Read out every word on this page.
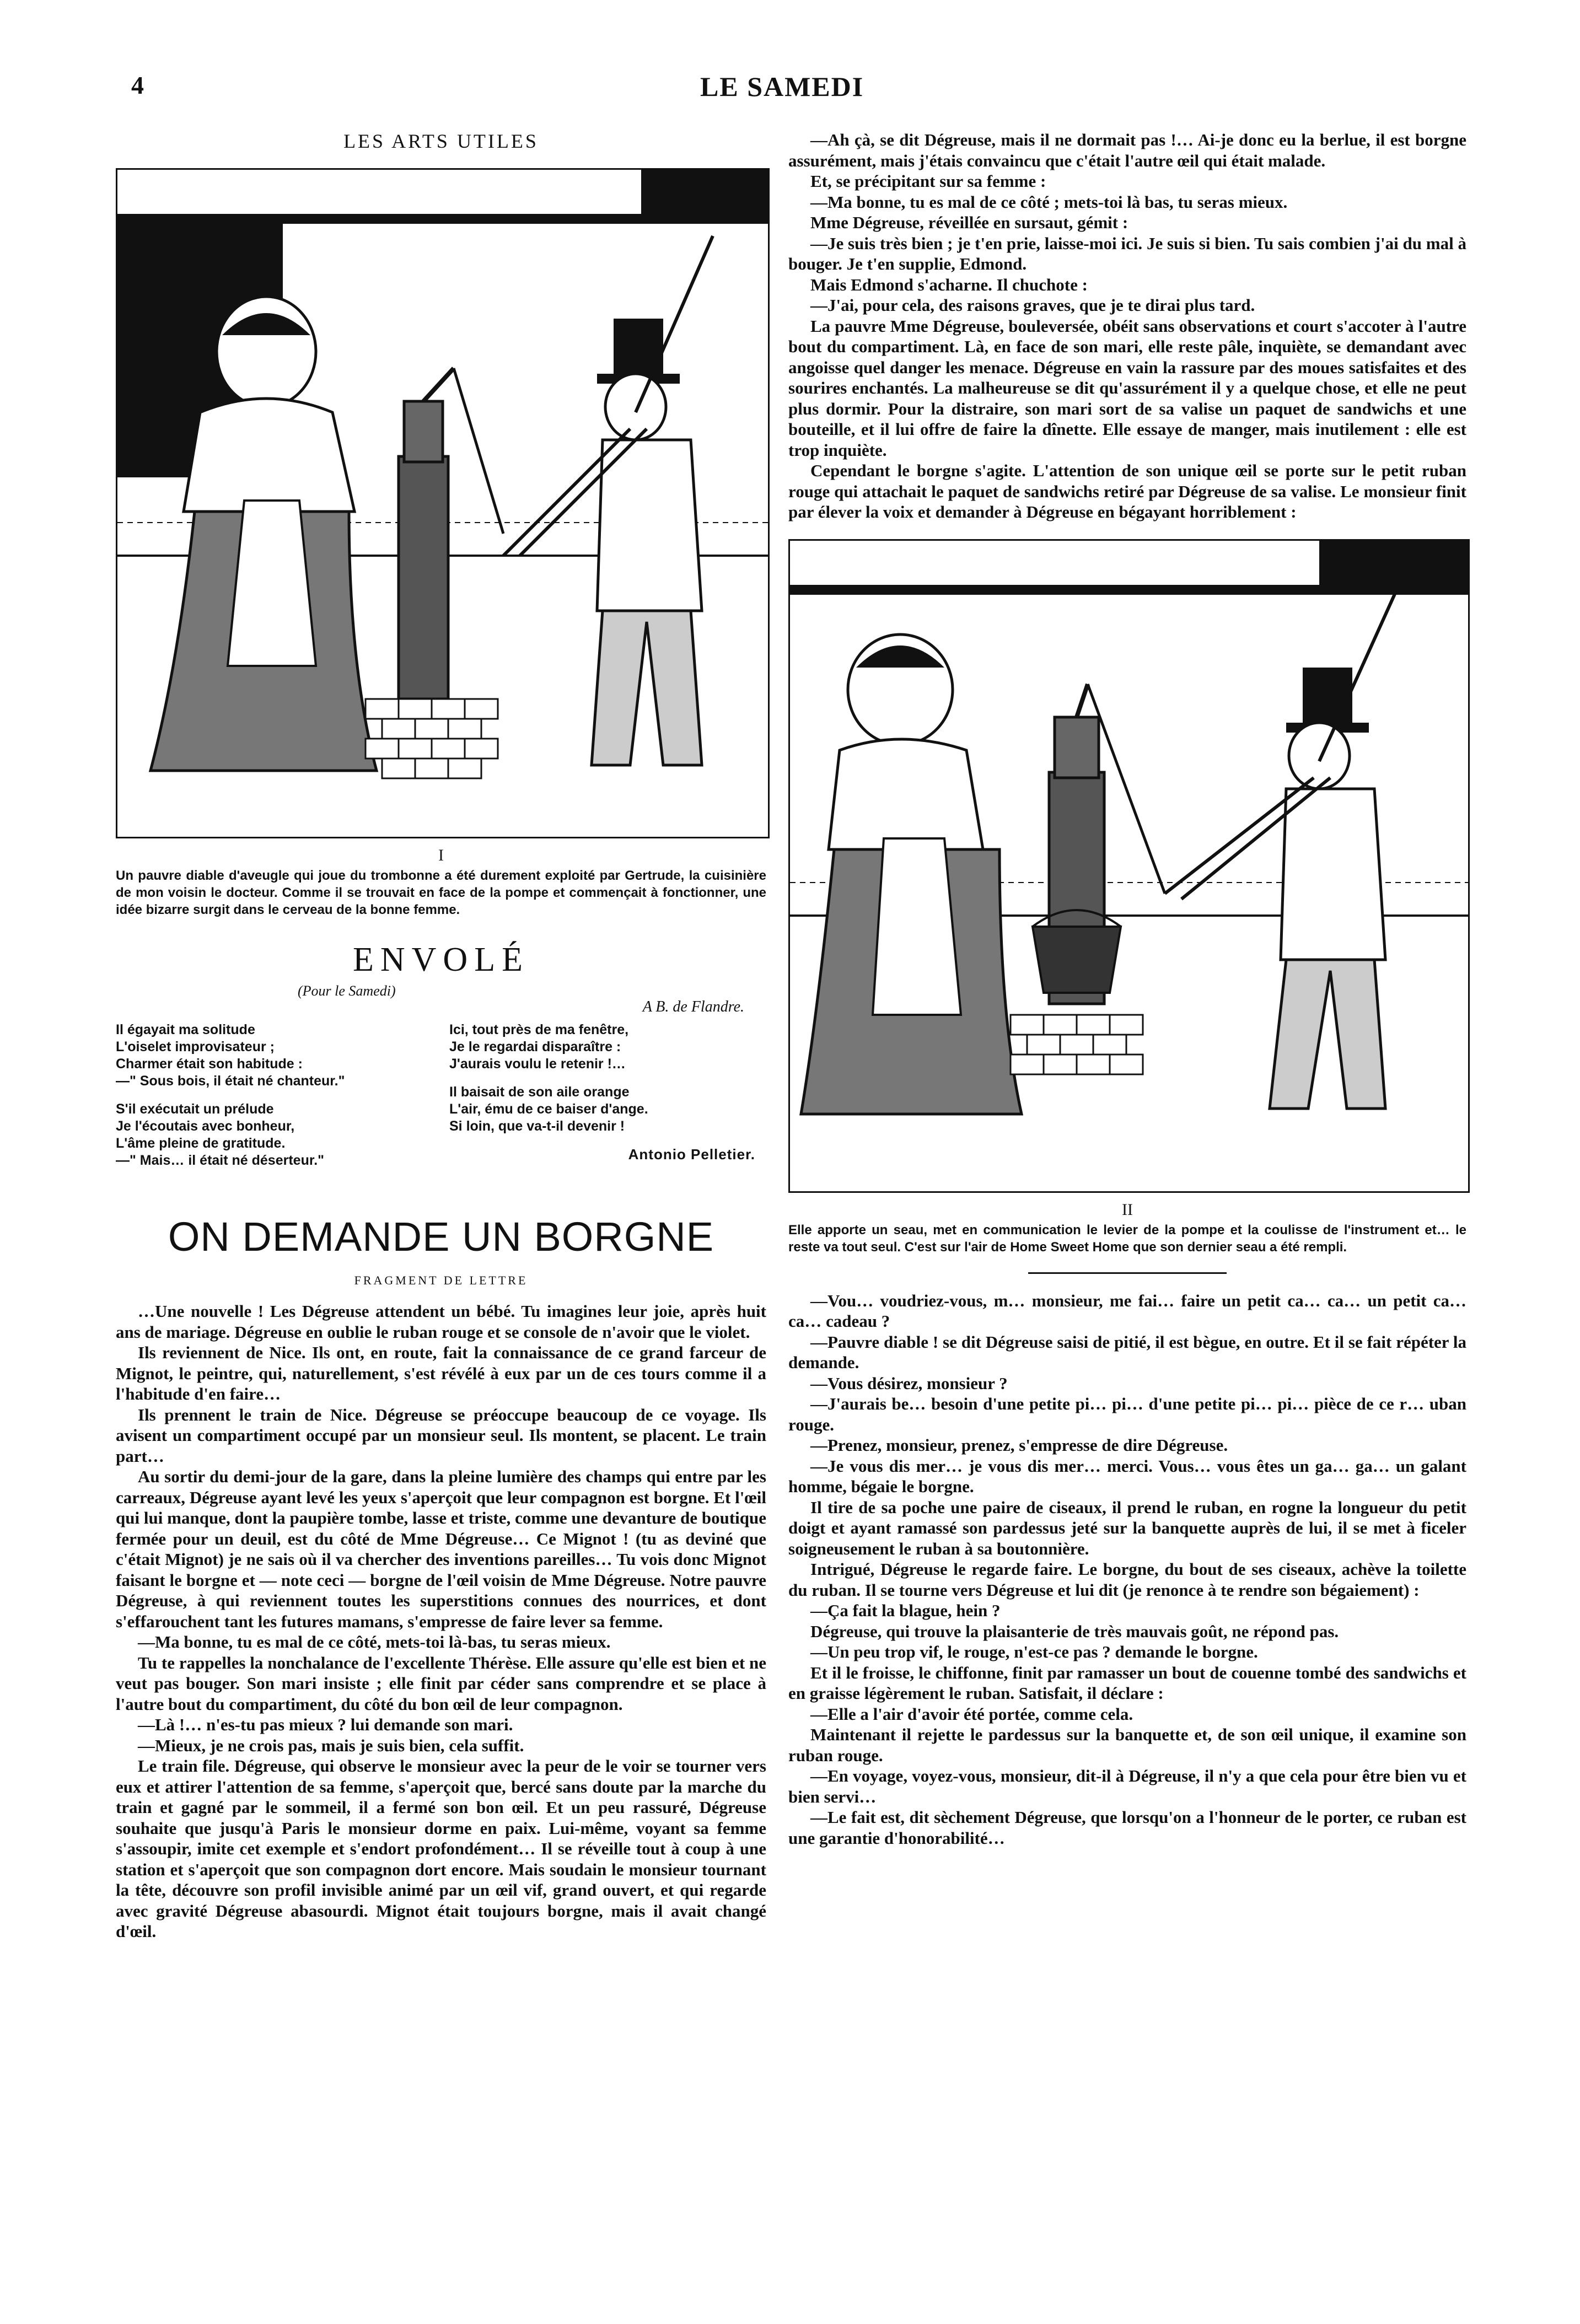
4	LE SAMEDI
LES ARTS UTILES
I
Un pauvre diable d'aveugle qui joue du trombonne a été durement exploité par Gertrude, la cuisinière de mon voisin le docteur. Comme il se trouvait en face de la pompe et commençait à fonctionner, une idée bizarre surgit dans le cerveau de la bonne femme.
ENVOLÉ
(Pour le Samedi)
A B. de Flandre.
Il égayait ma solitude
L'oiselet improvisateur ;
Charmer était son habitude :
—" Sous bois, il était né chanteur."
S'il exécutait un prélude
Je l'écoutais avec bonheur,
L'âme pleine de gratitude.
—" Mais… il était né déserteur."
Ici, tout près de ma fenêtre,
Je le regardai disparaître :
J'aurais voulu le retenir !…
Il baisait de son aile orange
L'air, ému de ce baiser d'ange.
Si loin, que va-t-il devenir !
Antonio Pelletier.
ON DEMANDE UN BORGNE
FRAGMENT DE LETTRE

…Une nouvelle ! Les Dégreuse attendent un bébé. Tu imagines leur joie, après huit ans de mariage. Dégreuse en oublie le ruban rouge et se console de n'avoir que le violet.

Ils reviennent de Nice. Ils ont, en route, fait la connaissance de ce grand farceur de Mignot, le peintre, qui, naturellement, s'est révélé à eux par un de ces tours comme il a l'habitude d'en faire…

Ils prennent le train de Nice. Dégreuse se préoccupe beaucoup de ce voyage. Ils avisent un compartiment occupé par un monsieur seul. Ils montent, se placent. Le train part…

Au sortir du demi-jour de la gare, dans la pleine lumière des champs qui entre par les carreaux, Dégreuse ayant levé les yeux s'aperçoit que leur compagnon est borgne. Et l'œil qui lui manque, dont la paupière tombe, lasse et triste, comme une devanture de boutique fermée pour un deuil, est du côté de Mme Dégreuse… Ce Mignot ! (tu as deviné que c'était Mignot) je ne sais où il va chercher des inventions pareilles… Tu vois donc Mignot faisant le borgne et — note ceci — borgne de l'œil voisin de Mme Dégreuse. Notre pauvre Dégreuse, à qui reviennent toutes les superstitions connues des nourrices, et dont s'effarouchent tant les futures mamans, s'empresse de faire lever sa femme.

—Ma bonne, tu es mal de ce côté, mets-toi là-bas, tu seras mieux.

Tu te rappelles la nonchalance de l'excellente Thérèse. Elle assure qu'elle est bien et ne veut pas bouger. Son mari insiste ; elle finit par céder sans comprendre et se place à l'autre bout du compartiment, du côté du bon œil de leur compagnon.

—Là !… n'es-tu pas mieux ? lui demande son mari.

—Mieux, je ne crois pas, mais je suis bien, cela suffit.

Le train file. Dégreuse, qui observe le monsieur avec la peur de le voir se tourner vers eux et attirer l'attention de sa femme, s'aperçoit que, bercé sans doute par la marche du train et gagné par le sommeil, il a fermé son bon œil. Et un peu rassuré, Dégreuse souhaite que jusqu'à Paris le monsieur dorme en paix. Lui-même, voyant sa femme s'assoupir, imite cet exemple et s'endort profondément… Il se réveille tout à coup à une station et s'aperçoit que son compagnon dort encore. Mais soudain le monsieur tournant la tête, découvre son profil invisible animé par un œil vif, grand ouvert, et qui regarde avec gravité Dégreuse abasourdi. Mignot était toujours borgne, mais il avait changé d'œil.

—Ah çà, se dit Dégreuse, mais il ne dormait pas !… Ai-je donc eu la berlue, il est borgne assurément, mais j'étais convaincu que c'était l'autre œil qui était malade.

Et, se précipitant sur sa femme :

—Ma bonne, tu es mal de ce côté ; mets-toi là bas, tu seras mieux.

Mme Dégreuse, réveillée en sursaut, gémit :

—Je suis très bien ; je t'en prie, laisse-moi ici. Je suis si bien. Tu sais combien j'ai du mal à bouger. Je t'en supplie, Edmond.

Mais Edmond s'acharne. Il chuchote :

—J'ai, pour cela, des raisons graves, que je te dirai plus tard.

La pauvre Mme Dégreuse, bouleversée, obéit sans observations et court s'accoter à l'autre bout du compartiment. Là, en face de son mari, elle reste pâle, inquiète, se demandant avec angoisse quel danger les menace. Dégreuse en vain la rassure par des moues satisfaites et des sourires enchantés. La malheureuse se dit qu'assurément il y a quelque chose, et elle ne peut plus dormir. Pour la distraire, son mari sort de sa valise un paquet de sandwichs et une bouteille, et il lui offre de faire la dînette. Elle essaye de manger, mais inutilement : elle est trop inquiète.

Cependant le borgne s'agite. L'attention de son unique œil se porte sur le petit ruban rouge qui attachait le paquet de sandwichs retiré par Dégreuse de sa valise. Le monsieur finit par élever la voix et demander à Dégreuse en bégayant horriblement :

II
Elle apporte un seau, met en communication le levier de la pompe et la coulisse de l'instrument et… le reste va tout seul. C'est sur l'air de Home Sweet Home que son dernier seau a été rempli.

—Vou… voudriez-vous, m… monsieur, me fai… faire un petit ca… ca… un petit ca… ca… cadeau ?

—Pauvre diable ! se dit Dégreuse saisi de pitié, il est bègue, en outre. Et il se fait répéter la demande.

—Vous désirez, monsieur ?

—J'aurais be… besoin d'une petite pi… pi… d'une petite pi… pi… pièce de ce r… uban rouge.

—Prenez, monsieur, prenez, s'empresse de dire Dégreuse.

—Je vous dis mer… je vous dis mer… merci. Vous… vous êtes un ga… ga… un galant homme, bégaie le borgne.

Il tire de sa poche une paire de ciseaux, il prend le ruban, en rogne la longueur du petit doigt et ayant ramassé son pardessus jeté sur la banquette auprès de lui, il se met à ficeler soigneusement le ruban à sa boutonnière.

Intrigué, Dégreuse le regarde faire. Le borgne, du bout de ses ciseaux, achève la toilette du ruban. Il se tourne vers Dégreuse et lui dit (je renonce à te rendre son bégaiement) :

—Ça fait la blague, hein ?

Dégreuse, qui trouve la plaisanterie de très mauvais goût, ne répond pas.

—Un peu trop vif, le rouge, n'est-ce pas ? demande le borgne.

Et il le froisse, le chiffonne, finit par ramasser un bout de couenne tombé des sandwichs et en graisse légèrement le ruban. Satisfait, il déclare :

—Elle a l'air d'avoir été portée, comme cela.

Maintenant il rejette le pardessus sur la banquette et, de son œil unique, il examine son ruban rouge.

—En voyage, voyez-vous, monsieur, dit-il à Dégreuse, il n'y a que cela pour être bien vu et bien servi…

—Le fait est, dit sèchement Dégreuse, que lorsqu'on a l'honneur de le porter, ce ruban est une garantie d'honorabilité…
